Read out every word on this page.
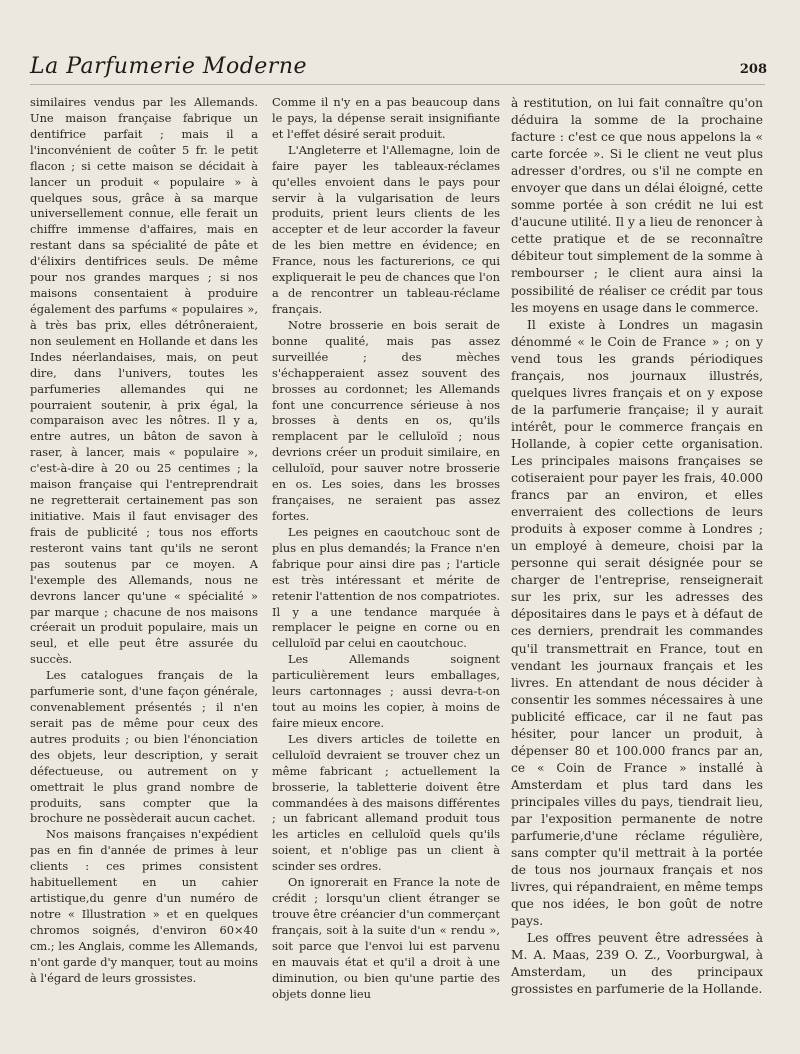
La Parfumerie Moderne	208

similaires vendus par les Allemands. Une maison française fabrique un dentifrice parfait ; mais il a l'inconvénient de coûter 5 fr. le petit flacon ; si cette maison se décidait à lancer un produit « populaire » à quelques sous, grâce à sa marque universellement connue, elle ferait un chiffre immense d'affaires, mais en restant dans sa spécialité de pâte et d'élixirs dentifrices seuls. De même pour nos grandes marques ; si nos maisons consentaient à produire également des parfums « populaires », à très bas prix, elles détrôneraient, non seulement en Hollande et dans les Indes néerlandaises, mais, on peut dire, dans l'univers, toutes les parfumeries allemandes qui ne pourraient soutenir, à prix égal, la comparaison avec les nôtres. Il y a, entre autres, un bâton de savon à raser, à lancer, mais « populaire », c'est-à-dire à 20 ou 25 centimes ; la maison française qui l'entreprendrait ne regretterait certainement pas son initiative. Mais il faut envisager des frais de publicité ; tous nos efforts resteront vains tant qu'ils ne seront pas soutenus par ce moyen. A l'exemple des Allemands, nous ne devrons lancer qu'une « spécialité » par marque ; chacune de nos maisons créerait un produit populaire, mais un seul, et elle peut être assurée du succès.

Les catalogues français de la parfumerie sont, d'une façon générale, convenablement présentés ; il n'en serait pas de même pour ceux des autres produits ; ou bien l'énonciation des objets, leur description, y serait défectueuse, ou autrement on y omettrait le plus grand nombre de produits, sans compter que la brochure ne possèderait aucun cachet.

Nos maisons françaises n'expédient pas en fin d'année de primes à leur clients : ces primes consistent habituellement en un cahier artistique,du genre d'un numéro de notre « Illustration » et en quelques chromos soignés, d'environ 60×40 cm.; les Anglais, comme les Allemands, n'ont garde d'y manquer, tout au moins à l'égard de leurs grossistes.

Comme il n'y en a pas beaucoup dans le pays, la dépense serait insignifiante et l'effet désiré serait produit.

L'Angleterre et l'Allemagne, loin de faire payer les tableaux-réclames qu'elles envoient dans le pays pour servir à la vulgarisation de leurs produits, prient leurs clients de les accepter et de leur accorder la faveur de les bien mettre en évidence; en France, nous les facturerions, ce qui expliquerait le peu de chances que l'on a de rencontrer un tableau-réclame français.

Notre brosserie en bois serait de bonne qualité, mais pas assez surveillée ; des mèches s'échapperaient assez souvent des brosses au cordonnet; les Allemands font une concurrence sérieuse à nos brosses à dents en os, qu'ils remplacent par le celluloïd ; nous devrions créer un produit similaire, en celluloïd, pour sauver notre brosserie en os. Les soies, dans les brosses françaises, ne seraient pas assez fortes.

Les peignes en caoutchouc sont de plus en plus demandés; la France n'en fabrique pour ainsi dire pas ; l'article est très intéressant et mérite de retenir l'attention de nos compatriotes. Il y a une tendance marquée à remplacer le peigne en corne ou en celluloïd par celui en caoutchouc.

Les Allemands soignent particulièrement leurs emballages, leurs cartonnages ; aussi devra-t-on tout au moins les copier, à moins de faire mieux encore.

Les divers articles de toilette en celluloïd devraient se trouver chez un même fabricant ; actuellement la brosserie, la tabletterie doivent être commandées à des maisons différentes ; un fabricant allemand produit tous les articles en celluloïd quels qu'ils soient, et n'oblige pas un client à scinder ses ordres.

On ignorerait en France la note de crédit ; lorsqu'un client étranger se trouve être créancier d'un commerçant français, soit à la suite d'un « rendu », soit parce que l'envoi lui est parvenu en mauvais état et qu'il a droit à une diminution, ou bien qu'une partie des objets donne lieu

à restitution, on lui fait connaître qu'on déduira la somme de la prochaine facture : c'est ce que nous appelons la « carte forcée ». Si le client ne veut plus adresser d'ordres, ou s'il ne compte en envoyer que dans un délai éloigné, cette somme portée à son crédit ne lui est d'aucune utilité. Il y a lieu de renoncer à cette pratique et de se reconnaître débiteur tout simplement de la somme à rembourser ; le client aura ainsi la possibilité de réaliser ce crédit par tous les moyens en usage dans le commerce.

Il existe à Londres un magasin dénommé « le Coin de France » ; on y vend tous les grands périodiques français, nos journaux illustrés, quelques livres français et on y expose de la parfumerie française; il y aurait intérêt, pour le commerce français en Hollande, à copier cette organisation. Les principales maisons françaises se cotiseraient pour payer les frais, 40.000 francs par an environ, et elles enverraient des collections de leurs produits à exposer comme à Londres ; un employé à demeure, choisi par la personne qui serait désignée pour se charger de l'entreprise, renseignerait sur les prix, sur les adresses des dépositaires dans le pays et à défaut de ces derniers, prendrait les commandes qu'il transmettrait en France, tout en vendant les journaux français et les livres. En attendant de nous décider à consentir les sommes nécessaires à une publicité efficace, car il ne faut pas hésiter, pour lancer un produit, à dépenser 80 et 100.000 francs par an, ce « Coin de France » installé à Amsterdam et plus tard dans les principales villes du pays, tiendrait lieu, par l'exposition permanente de notre parfumerie,d'une réclame régulière, sans compter qu'il mettrait à la portée de tous nos journaux français et nos livres, qui répandraient, en même temps que nos idées, le bon goût de notre pays.

Les offres peuvent être adressées à M. A. Maas, 239 O. Z., Voorburgwal, à Amsterdam, un des principaux grossistes en parfumerie de la Hollande.
